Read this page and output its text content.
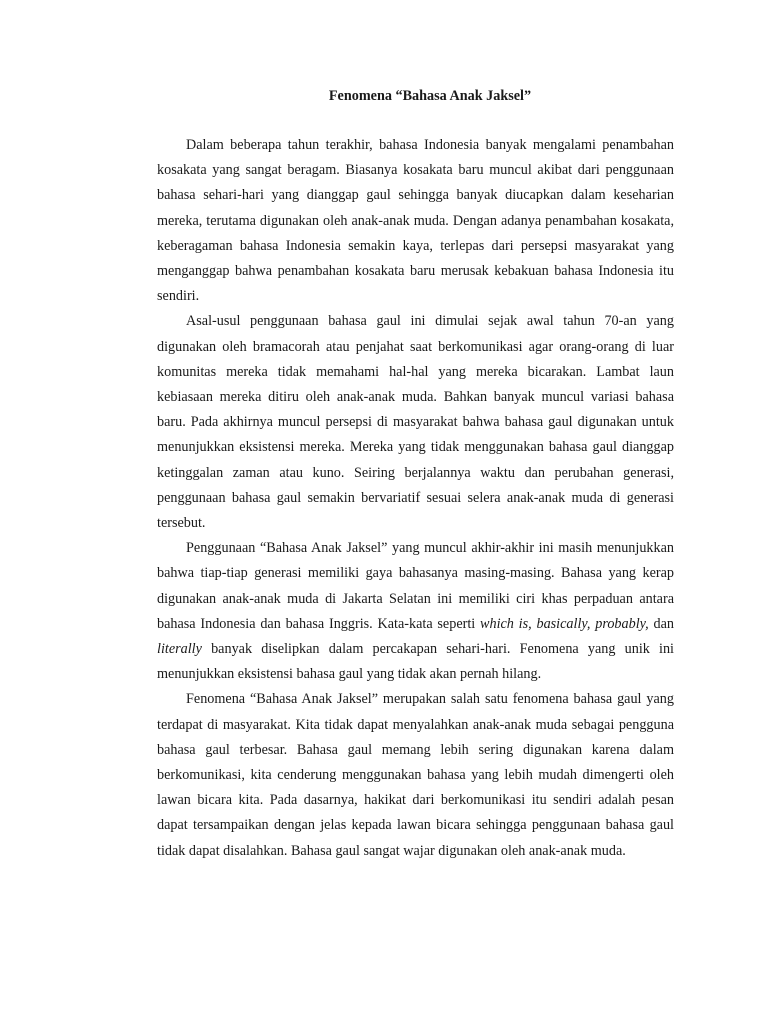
Fenomena “Bahasa Anak Jaksel”

Dalam beberapa tahun terakhir, bahasa Indonesia banyak mengalami penambahan kosakata yang sangat beragam. Biasanya kosakata baru muncul akibat dari penggunaan bahasa sehari-hari yang dianggap gaul sehingga banyak diucapkan dalam keseharian mereka, terutama digunakan oleh anak-anak muda. Dengan adanya penambahan kosakata, keberagaman bahasa Indonesia semakin kaya, terlepas dari persepsi masyarakat yang menganggap bahwa penambahan kosakata baru merusak kebakuan bahasa Indonesia itu sendiri.

Asal-usul penggunaan bahasa gaul ini dimulai sejak awal tahun 70-an yang digunakan oleh bramacorah atau penjahat saat berkomunikasi agar orang-orang di luar komunitas mereka tidak memahami hal-hal yang mereka bicarakan. Lambat laun kebiasaan mereka ditiru oleh anak-anak muda. Bahkan banyak muncul variasi bahasa baru. Pada akhirnya muncul persepsi di masyarakat bahwa bahasa gaul digunakan untuk menunjukkan eksistensi mereka. Mereka yang tidak menggunakan bahasa gaul dianggap ketinggalan zaman atau kuno. Seiring berjalannya waktu dan perubahan generasi, penggunaan bahasa gaul semakin bervariatif sesuai selera anak-anak muda di generasi tersebut.

Penggunaan “Bahasa Anak Jaksel” yang muncul akhir-akhir ini masih menunjukkan bahwa tiap-tiap generasi memiliki gaya bahasanya masing-masing. Bahasa yang kerap digunakan anak-anak muda di Jakarta Selatan ini memiliki ciri khas perpaduan antara bahasa Indonesia dan bahasa Inggris. Kata-kata seperti which is, basically, probably, dan literally banyak diselipkan dalam percakapan sehari-hari. Fenomena yang unik ini menunjukkan eksistensi bahasa gaul yang tidak akan pernah hilang.

Fenomena “Bahasa Anak Jaksel” merupakan salah satu fenomena bahasa gaul yang terdapat di masyarakat. Kita tidak dapat menyalahkan anak-anak muda sebagai pengguna bahasa gaul terbesar. Bahasa gaul memang lebih sering digunakan karena dalam berkomunikasi, kita cenderung menggunakan bahasa yang lebih mudah dimengerti oleh lawan bicara kita. Pada dasarnya, hakikat dari berkomunikasi itu sendiri adalah pesan dapat tersampaikan dengan jelas kepada lawan bicara sehingga penggunaan bahasa gaul tidak dapat disalahkan. Bahasa gaul sangat wajar digunakan oleh anak-anak muda.
